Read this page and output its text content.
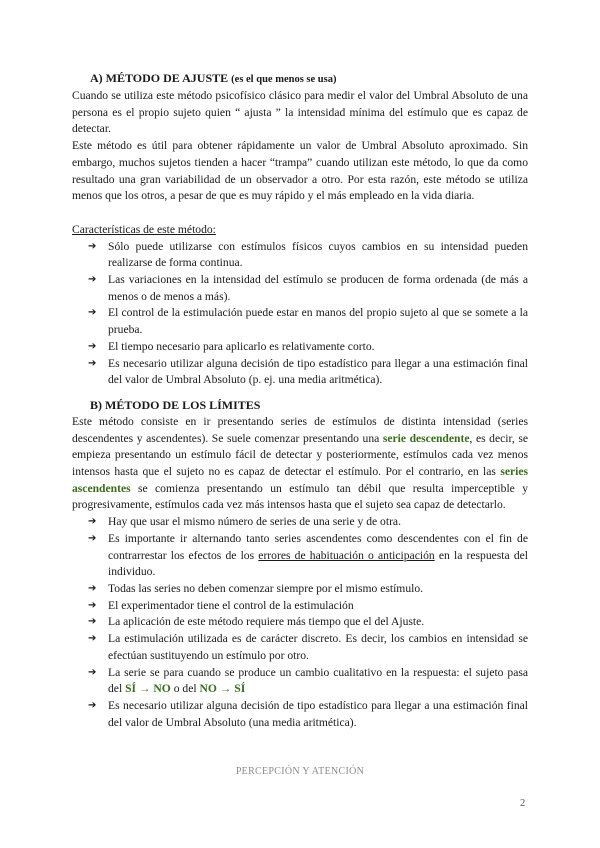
A) MÉTODO DE AJUSTE (es el que menos se usa)

Cuando se utiliza este método psicofísico clásico para medir el valor del Umbral Absoluto de una persona es el propio sujeto quien “ ajusta ” la intensidad mínima del estímulo que es capaz de detectar.

Este método es útil para obtener rápidamente un valor de Umbral Absoluto aproximado. Sin embargo, muchos sujetos tienden a hacer “trampa” cuando utilizan este método, lo que da como resultado una gran variabilidad de un observador a otro. Por esta razón, este método se utiliza menos que los otros, a pesar de que es muy rápido y el más empleado en la vida diaria.

Características de este método:

➔ Sólo puede utilizarse con estímulos físicos cuyos cambios en su intensidad pueden realizarse de forma continua.
➔ Las variaciones en la intensidad del estímulo se producen de forma ordenada (de más a menos o de menos a más).
➔ El control de la estimulación puede estar en manos del propio sujeto al que se somete a la prueba.
➔ El tiempo necesario para aplicarlo es relativamente corto.
➔ Es necesario utilizar alguna decisión de tipo estadístico para llegar a una estimación final del valor de Umbral Absoluto (p. ej. una media aritmética).
B) MÉTODO DE LOS LÍMITES

Este método consiste en ir presentando series de estímulos de distinta intensidad (series descendentes y ascendentes). Se suele comenzar presentando una serie descendente, es decir, se empieza presentando un estímulo fácil de detectar y posteriormente, estímulos cada vez menos intensos hasta que el sujeto no es capaz de detectar el estímulo. Por el contrario, en las series ascendentes se comienza presentando un estímulo tan débil que resulta imperceptible y progresivamente, estímulos cada vez más intensos hasta que el sujeto sea capaz de detectarlo.

➔ Hay que usar el mismo número de series de una serie y de otra.
➔ Es importante ir alternando tanto series ascendentes como descendentes con el fin de contrarrestar los efectos de los errores de habituación o anticipación en la respuesta del individuo.
➔ Todas las series no deben comenzar siempre por el mismo estímulo.
➔ El experimentador tiene el control de la estimulación
➔ La aplicación de este método requiere más tiempo que el del Ajuste.
➔ La estimulación utilizada es de carácter discreto. Es decir, los cambios en intensidad se efectúan sustituyendo un estímulo por otro.
➔ La serie se para cuando se produce un cambio cualitativo en la respuesta: el sujeto pasa del SÍ → NO o del NO → SÍ
➔ Es necesario utilizar alguna decisión de tipo estadístico para llegar a una estimación final del valor de Umbral Absoluto (una media aritmética).
PERCEPCIÓN Y ATENCIÓN
2
